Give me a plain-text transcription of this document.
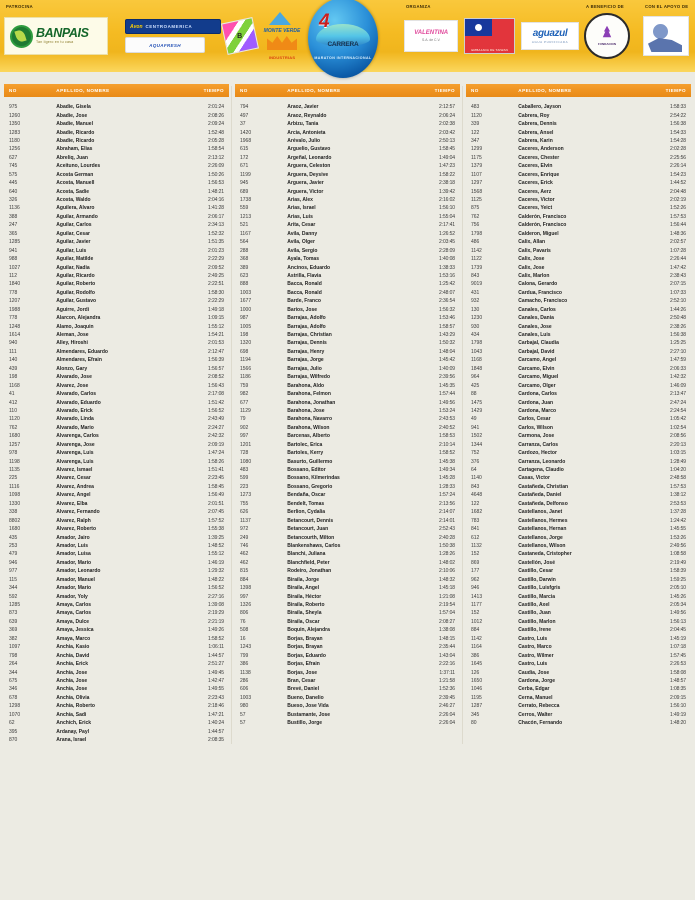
PATROCINA
BANPAIS
Tan ligero en tu casa
Avon CENTROAMERICA
AQUAFRESH
B
MONTE VERDE
INDUSTRIAS
4
CARRERA
MARATON INTERNACIONAL
ORGANIZA
VALENTINA
S.A. de C.V.
EMBAJADA DE TAIWAN
aguazul
AGUA PURIFICADA
A BENEFICIO DE
FUNDACION
CON EL APOYO DE
NO	APELLIDO, NOMBRE	TIEMPO
975	Abadie, Gisela	2:01:24
1260	Abadie, Jose	2:08:26
1350	Abadie, Manuel	2:09:24
1283	Abadie, Ricardo	1:52:48
1180	Abadie, Ricardo	2:05:28
1256	Abraham, Elias	1:58:54
627	Abreliq, Juan	2:13:12
745	Aceituno, Lourdes	2:26:09
575	Acosta German	1:50:26
445	Acosta, Manuell	1:56:53
640	Acosta, Sadie	1:48:21
326	Acosta, Waldo	2:04:16
1136	Aguilera, Alvaro	1:41:28
388	Aguilar, Armando	2:06:17
247	Aguilar, Carlos	2:34:13
365	Aguilar, Cesar	1:52:32
1285	Aguilar, Javier	1:51:35
941	Aguilar, Luis	2:01:23
988	Aguilar, Matilde	2:22:29
1027	Aguilar, Nadia	2:09:52
112	Aguilar, Ricardo	2:49:25
1840	Aguilar, Roberto	2:22:51
778	Aguilar, Rodolfo	1:58:30
1207	Aguilar, Gustavo	2:22:29
1988	Aguirre, Jordi	1:49:18
778	Alarcon, Alejandra	1:09:15
1248	Alamo, Joaquin	1:55:12
1614	Aleman, Jose	1:54:21
940	Alley, Hiroshi	2:01:53
111	Almendares, Eduardo	2:12:47
140	Almendares, Efrain	1:56:39
439	Alonzo, Gary	1:56:57
198	Alvarado, Jose	2:08:52
1168	Alvarez, Jose	1:56:43
41	Alvarado, Carlos	2:17:08
412	Alvarado, Eduardo	1:51:42
110	Alvarado, Erick	1:56:52
1120	Alvarado, Linda	2:43:49
762	Alvarado, Mario	2:24:27
1680	Alvarenga, Carlos	2:42:32
1257	Alvarenga, Jose	2:09:19
978	Alvarenga, Luis	1:47:24
1198	Alvarenga, Luis	1:58:26
1135	Alvarez, Ismael	1:51:41
225	Alvarez, Cesar	2:23:45
1116	Alvarez, Andrea	1:58:45
1098	Alvarez, Angel	1:56:49
1330	Alvarez, Elba	2:01:51
338	Alvarez, Fernando	2:07:45
8802	Alvarez, Ralph	1:57:52
1680	Alvarez, Roberto	1:55:38
435	Amador, Jairo	1:39:25
253	Amador, Luis	1:48:52
479	Amador, Luisa	1:55:12
946	Amador, Mario	1:46:19
977	Amador, Leonardo	1:29:32
115	Amador, Manuel	1:48:22
344	Amador, Mario	1:56:52
592	Amador, Yoly	2:27:16
1285	Amaya, Carlos	1:39:08
873	Amaya, Carlos	2:19:29
639	Amaya, Dulce	2:21:19
369	Amaya, Jessica	1:49:26
382	Amaya, Marco	1:58:52
1097	Anchia, Kasio	1:06:11
798	Anchía, David	1:44:57
264	Anchía, Erick	2:51:27
344	Anchía, Jose	1:49:45
675	Anchía, Jose	1:42:47
346	Anchía, Jose	1:49:55
678	Anchía, Olivia	2:23:43
1298	Anchía, Roberto	2:18:46
1070	Anchía, Sadi	1:47:21
62	Anchích, Erick	1:40:24
395	Ardanay, Payl	1:44:57
870	Arana, Israel	2:08:35
NO	APELLIDO, NOMBRE	TIEMPO
794	Araoz, Javier	2:12:57
497	Araoz, Reynaldo	2:06:24
37	Arbizu, Tania	2:02:38
1420	Arcia, Antonieta	2:03:42
1968	Arévalo, Julio	2:50:13
615	Arguelio, Gustavo	1:58:45
172	Argeñal, Leonardo	1:49:04
671	Arguera, Celeston	1:47:23
1199	Arguera, Deysive	1:58:22
945	Arguera, Javier	2:38:18
689	Arguera, Victor	1:39:42
1738	Arias, Alex	2:16:02
559	Arias, Israel	1:56:10
1213	Arias, Luis	1:55:04
521	Arita, Cesar	2:17:41
1167	Avila, Danny	1:26:52
564	Avila, Olger	2:03:45
288	Avila, Sergio	2:28:09
368	Ayala, Tomas	1:40:08
389	Ancinos, Eduardo	1:38:33
623	Astrilla, Flavia	1:53:16
888	Bacca, Ronald	1:25:42
1003	Bacca, Ronald	2:48:07
1677	Barde, Franco	2:36:54
1000	Barios, Jose	1:56:32
987	Barrajas, Adolfo	1:53:46
1005	Barrajas, Adolfo	1:58:57
198	Barrajas, Christian	1:43:29
1320	Barrajas, Dennis	1:50:32
698	Barrajas, Henry	1:48:04
1194	Barrajas, Jorge	1:45:42
1566	Barrajas, Julio	1:40:09
1186	Barrajas, Wilfredo	2:39:56
759	Barahona, Aldo	1:45:35
982	Barahona, Felmon	1:57:44
677	Barahona, Jonathan	1:49:56
1129	Barahona, Jose	1:53:24
79	Barahona, Navarro	2:43:53
902	Barahona, Wilson	2:40:52
997	Barcenas, Alberto	1:58:53
1201	Bartolec, Erica	2:10:14
728	Bartoles, Kerry	1:58:52
1080	Basurto, Guillermo	1:45:38
483	Bossano, Editor	1:49:34
599	Bossano, Kilmerindas	1:45:28
223	Bossano, Gregorio	1:28:33
1273	Bendaña, Oscar	1:57:24
755	Bendelt, Tomas	2:13:56
626	Berlion, Cydalia	2:14:07
1137	Betancourt, Dennis	2:14:01
972	Betancourt, Juan	2:52:43
249	Betancourth, Milton	2:40:28
746	Blankenshaws, Carlos	1:50:38
462	Blanchi, Juliana	1:28:26
462	Blanchfield, Peter	1:48:02
815	Rodeiro, Jonathan	2:10:06
884	Biraila, Jorge	1:48:32
1398	Biraila, Angel	1:45:18
997	Biraila, Héctor	1:21:08
1326	Biraila, Roberto	2:19:54
806	Biraila, Sheyla	1:57:04
76	Biraila, Oscar	2:08:27
508	Boquin, Alejandra	1:38:08
16	Borjas, Brayan	1:48:15
1243	Borjas, Brayan	2:35:44
799	Borjas, Eduardo	1:43:04
386	Borjas, Efrain	2:22:16
1138	Borjas, Jose	1:37:11
286	Bran, Cesar	1:21:58
606	Brevé, Daniel	1:52:36
1003	Bueno, Danelio	2:39:45
980	Bueso, Jose Vida	2:46:27
57	Bustamante, Jose	2:26:04
57	Bustillo, Jorge	2:26:04
NO	APELLIDO, NOMBRE	TIEMPO
483	Caballero, Jayson	1:58:33
1120	Cabrera, Roy	2:54:22
339	Cabrera, Dennis	1:56:38
122	Cabrera, Ansel	1:54:33
347	Cabrera, Karin	1:54:28
1299	Caceres, Anderson	2:02:28
1175	Caceres, Chester	2:25:56
1379	Caceres, Elvin	2:26:14
1107	Caceres, Enrique	1:54:23
1297	Caceres, Erick	1:44:52
1568	Caceres, Aerz	2:04:48
1125	Caceres, Victor	2:02:19
875	Caceres, Yeict	1:52:26
762	Calderón, Francisco	1:57:53
756	Calderón, Francisco	1:56:44
1798	Calderon, Miguel	1:48:36
486	Calix, Allan	2:02:57
1142	Calix, Pavaris	1:07:28
1122	Calix, Jose	2:26:44
1739	Calix, Jose	1:47:42
843	Calix, Marlon	2:38:43
9019	Calona, Gerardo	2:07:15
431	Cardua, Francisco	1:07:33
932	Camacho, Francisco	2:52:10
130	Canales, Carlos	1:44:26
1230	Canales, Dania	2:50:48
930	Canales, Jose	2:38:26
434	Canales, Luis	1:56:38
1798	Carbajal, Claudia	1:25:25
1043	Carbajal, David	2:27:10
1168	Carcamo, Angel	1:47:59
1848	Carcamo, Elvin	2:06:33
964	Carcamo, Miguel	1:42:32
425	Carcamo, Olger	1:46:09
88	Cardona, Carlos	2:13:47
1475	Cardona, Juan	2:47:24
1429	Cardona, Marco	2:24:54
49	Carlos, Cesar	1:05:42
941	Carlos, Wilson	1:02:54
1502	Carmona, Jose	2:08:56
1344	Carranza, Carlos	2:20:13
752	Cardozo, Hector	1:03:15
376	Carranza, Leonardo	1:28:49
64	Cartagena, Claudio	1:04:20
1140	Casas, Victor	2:48:58
843	Castañeda, Christian	1:57:53
4648	Castañeda, Daniel	1:38:12
122	Castañeda, Delfonso	2:53:53
1682	Castellanos, Janet	1:37:28
783	Castellanos, Hermes	1:24:42
841	Castellanos, Hernan	1:45:55
612	Castellanos, Jorge	1:53:26
1132	Castellanos, Wilson	2:49:56
152	Castaneda, Cristopher	1:08:58
869	Castellón, José	2:19:49
177	Castillo, Cesar	1:58:39
962	Castillo, Darwin	1:59:25
946	Castillo, Luisfgris	2:05:10
1413	Castillo, Marcia	1:45:26
1177	Castillo, Axel	2:05:34
152	Castillo, Juan	1:49:56
1012	Castillo, Marlon	1:56:13
884	Castillo, Irene	2:04:45
1142	Castro, Luis	1:45:19
1164	Castro, Marco	1:07:18
386	Castro, Wilmer	1:57:45
1645	Castro, Luis	2:26:53
126	Caudia, Jose	1:58:08
1650	Cardona, Jorge	1:48:57
1046	Cerba, Edgar	1:08:35
1195	Cerna, Manuel	2:09:15
1287	Cerrato, Rebecca	1:56:10
345	Cerros, Walter	1:49:19
80	Chacón, Fernando	1:48:20
